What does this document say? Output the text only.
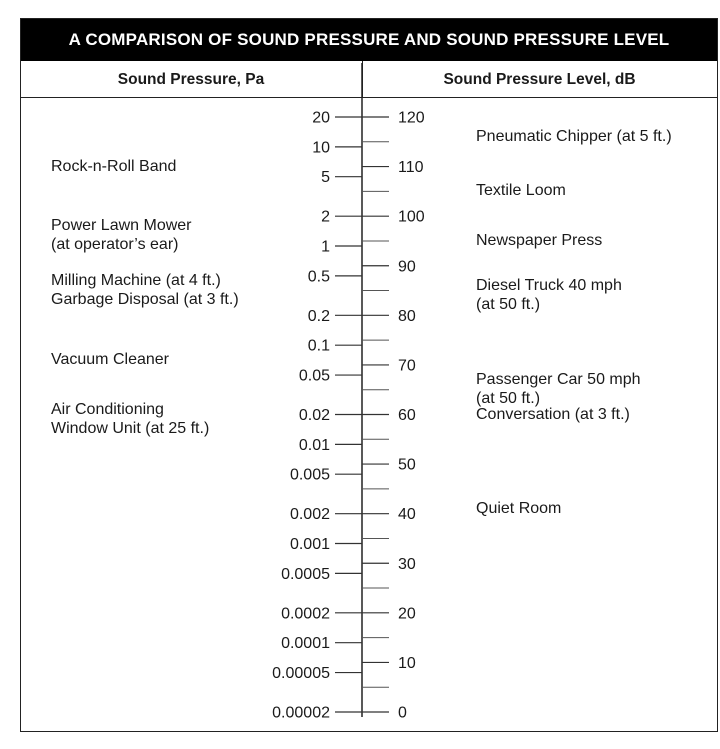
A COMPARISON OF SOUND PRESSURE AND SOUND PRESSURE LEVEL
Sound Pressure, Pa	Sound Pressure Level, dB
20
10
5
2
1
0.5
0.2
0.1
0.05
0.02
0.01
0.005
0.002
0.001
0.0005
0.0002
0.0001
0.00005
0.00002
120
110
100
90
80
70
60
50
40
30
20
10
0
Rock-n-Roll Band
Power Lawn Mower
(at operator’s ear)
Milling Machine (at 4 ft.)
Garbage Disposal (at 3 ft.)
Vacuum Cleaner
Air Conditioning
Window Unit (at 25 ft.)
Pneumatic Chipper (at 5 ft.)
Textile Loom
Newspaper Press
Diesel Truck 40 mph
(at 50 ft.)
Passenger Car 50 mph
(at 50 ft.)
Conversation (at 3 ft.)
Quiet Room
